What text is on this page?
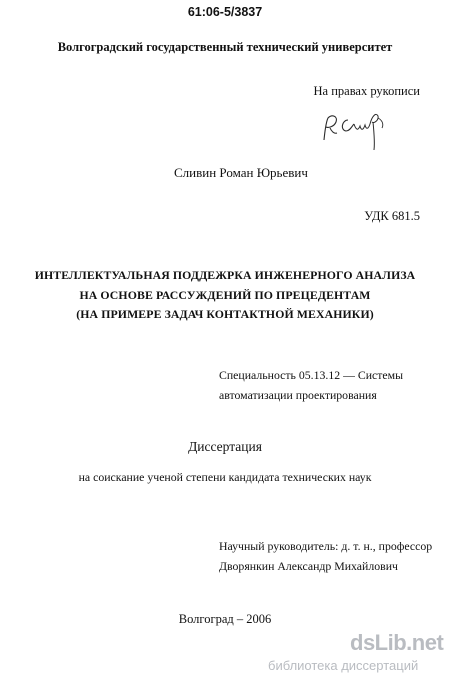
61:06-5/3837
Волгоградский государственный технический университет
На правах рукописи
Сливин Роман Юрьевич
УДК 681.5
ИНТЕЛЛЕКТУАЛЬНАЯ ПОДДЕЖРКА ИНЖЕНЕРНОГО АНАЛИЗА
НА ОСНОВЕ РАССУЖДЕНИЙ ПО ПРЕЦЕДЕНТАМ
(НА ПРИМЕРЕ ЗАДАЧ КОНТАКТНОЙ МЕХАНИКИ)
Специальность 05.13.12 — Системы
автоматизации проектирования
Диссертация
на соискание ученой степени кандидата технических наук
Научный руководитель: д. т. н., профессор
Дворянкин Александр Михайлович
Волгоград – 2006
dsLib.net
библиотека диссертаций
